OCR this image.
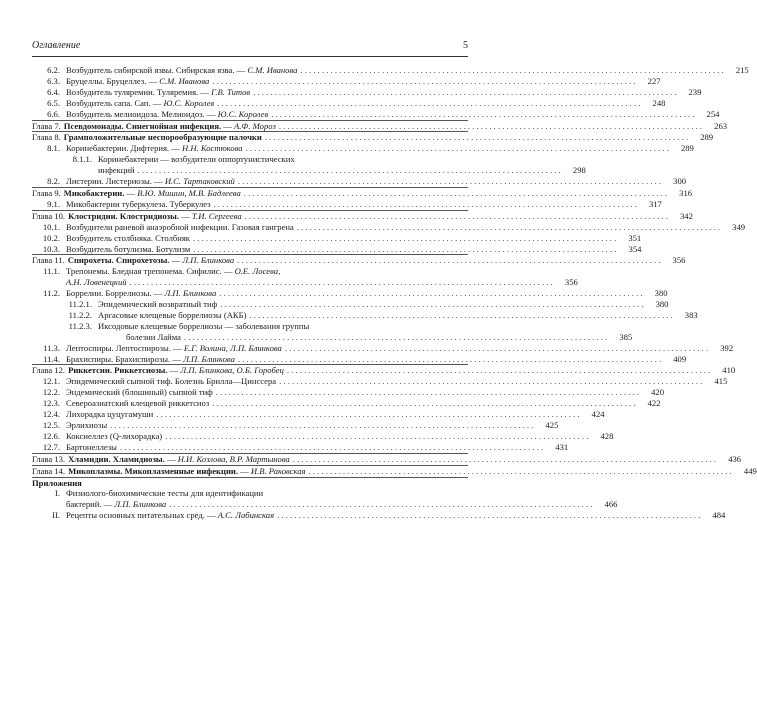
Оглавление	5
6.2. Возбудитель сибирской язвы. Сибирская язва. — С.М. Иванова . . .	215
6.3. Бруцеллы. Бруцеллез. — С.М. Иванова . . .	227
6.4. Возбудитель туляремии. Туляремия. — Г.В. Титов . . .	239
6.5. Возбудитель сапа. Сап. — Ю.С. Королев . . .	248
6.6. Возбудитель мелиоидоза. Мелиоидоз. — Ю.С. Королев . . .	254
Глава 7. Псевдомонады. Синегнойная инфекция. — А.Ф. Мороз . . .	263
Глава 8. Грамположительные неспорообразующие палочки . . .	289
8.1. Коринебактерии. Дифтерия. — Н.Н. Костюкова . . .	289
8.1.1. Коринебактерии — возбудители оппортунистических
инфекций . . .	298
8.2. Листерии. Листериозы. — И.С. Тартаковский . . .	300
Глава 9. Микобактерии. — В.Ю. Мишин, М.В. Бадлеева . . .	316
9.1. Микобактерии туберкулеза. Туберкулез . . .	317
Глава 10. Клостридии. Клостридиозы. — Т.И. Сергеева . . .	342
10.1. Возбудители раневой анаэробной инфекции. Газовая гангрена . . .	349
10.2. Возбудитель столбняка. Столбняк . . .	351
10.3. Возбудитель ботулизма. Ботулизм . . .	354
Глава 11. Спирохеты. Спирохетозы. — Л.П. Блинкова . . .	356
11.1. Трепонемы. Бледная трепонема. Сифилис. — О.Е. Лосева,
А.Н. Ловенецкий . . .	356
11.2. Боррелии. Боррелиозы. — Л.П. Блинкова . . .	380
11.2.1. Эпидемический возвратный тиф . . .	380
11.2.2. Аргасовые клещевые боррелиозы (АКБ) . . .	383
11.2.3. Иксодовые клещевые боррелиозы — заболевания группы
болезни Лайма . . .	385
11.3. Лептоспиры. Лептоспирозы. — Е.Г. Волина, Л.П. Блинкова . . .	392
11.4. Брахиспиры. Брахиспирозы. — Л.П. Блинкова . . .	409
Глава 12. Риккетсии. Риккетсиозы. — Л.П. Блинкова, О.Б. Горобец . . .	410
12.1. Эпидемический сыпной тиф. Болезнь Брилла—Цинссера . . .	415
12.2. Эндемический (блошиный) сыпной тиф . . .	420
12.3. Североазиатский клещевой риккетсиоз . . .	422
12.4. Лихорадка цуцугамуши . . .	424
12.5. Эрлихиозы . . .	425
12.6. Коксиеллез (Q-лихорадка) . . .	428
12.7. Бартонеллезы . . .	431
Глава 13. Хламидии. Хламидиозы. — Н.И. Козлова, В.Р. Мартынова . . .	436
Глава 14. Микоплазмы. Микоплазменные инфекции. — И.В. Раковская . . .	449
Приложения
I. Физиолого-биохимические тесты для идентификации
бактерий. — Л.П. Блинкова . . .	466
II. Рецепты основных питательных сред. — А.С. Лабинская . . .	484
